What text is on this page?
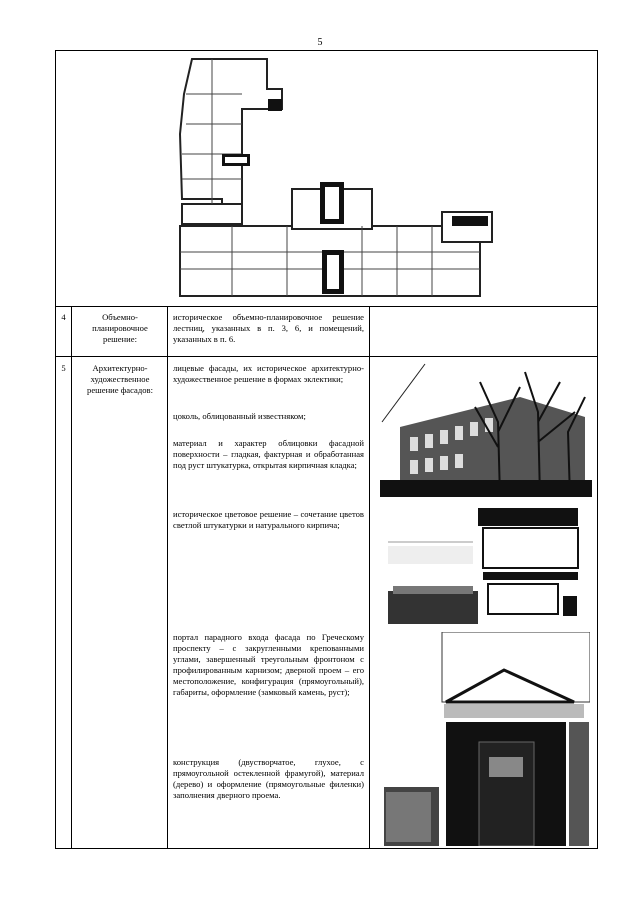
5
4	Объемно-планировочное решение:

историческое объемно-планировочное решение лестниц, указанных в п. 3, 6, и помещений, указанных в п. 6.

5	Архитектурно-художественное решение фасадов:

лицевые фасады, их историческое архитектурно-художественное решение в формах эклектики;

цоколь, облицованный известняком;

материал и характер облицовки фасадной поверхности – гладкая, фактурная и обработанная под руст штукатурка, открытая кирпичная кладка;

историческое цветовое решение – сочетание цветов светлой штукатурки и натурального кирпича;

портал парадного входа фасада по Греческому проспекту – с закругленными крепованными углами, завершенный треугольным фронтоном с профилированным карнизом; дверной проем – его местоположение, конфигурация (прямоугольный), габариты, оформление (замковый камень, руст);

конструкция (двустворчатое, глухое, с прямоугольной остекленной фрамугой), материал (дерево) и оформление (прямоугольные филенки) заполнения дверного проема.
